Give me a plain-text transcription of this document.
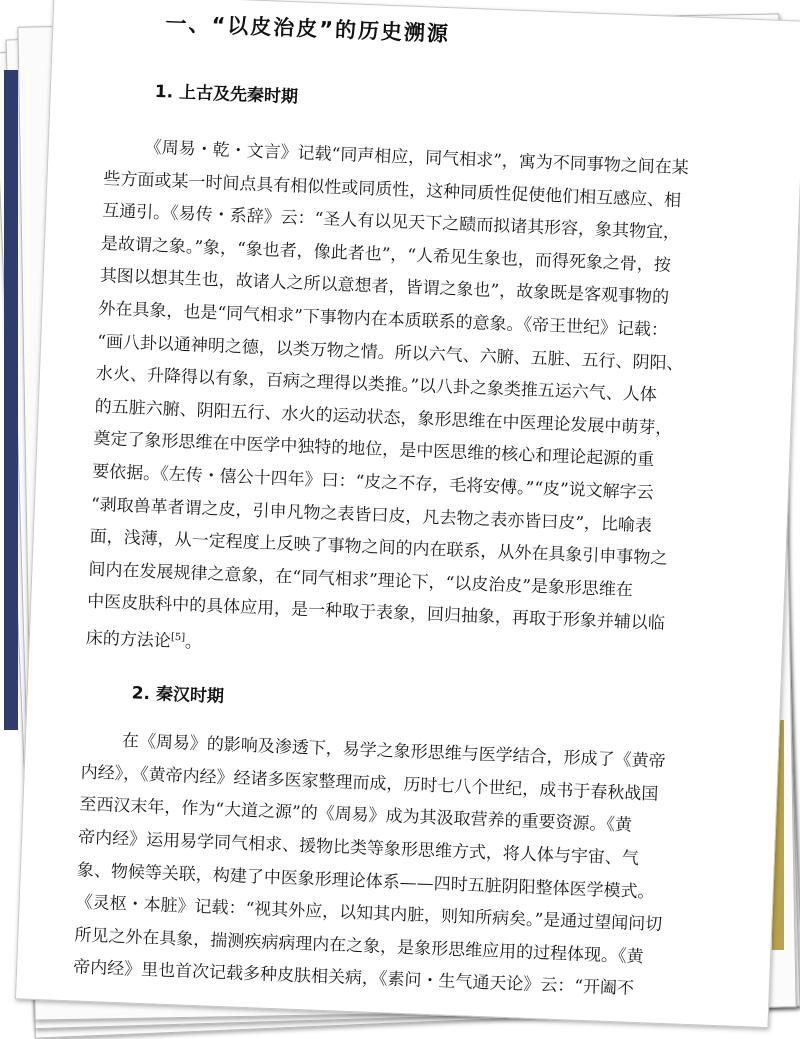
一、“以皮治皮”的历史溯源
1. 上古及先秦时期

《周易・乾・文言》记载“同声相应，同气相求”，寓为不同事物之间在某
些方面或某一时间点具有相似性或同质性，这种同质性促使他们相互感应、相
互通引。《易传・系辞》云：“圣人有以见天下之赜而拟诸其形容，象其物宜，
是故谓之象。”象，“象也者，像此者也”，“人希见生象也，而得死象之骨，按
其图以想其生也，故诸人之所以意想者，皆谓之象也”，故象既是客观事物的
外在具象，也是“同气相求”下事物内在本质联系的意象。《帝王世纪》记载：
“画八卦以通神明之德，以类万物之情。所以六气、六腑、五脏、五行、阴阳、
水火、升降得以有象，百病之理得以类推。”以八卦之象类推五运六气、人体
的五脏六腑、阴阳五行、水火的运动状态，象形思维在中医理论发展中萌芽，
奠定了象形思维在中医学中独特的地位，是中医思维的核心和理论起源的重
要依据。《左传・僖公十四年》曰：“皮之不存，毛将安傅。”“皮”说文解字云
“剥取兽革者谓之皮，引申凡物之表皆曰皮，凡去物之表亦皆曰皮”，比喻表
面，浅薄，从一定程度上反映了事物之间的内在联系，从外在具象引申事物之
间内在发展规律之意象，在“同气相求”理论下，“以皮治皮”是象形思维在
中医皮肤科中的具体应用，是一种取于表象，回归抽象，再取于形象并辅以临
床的方法论[5]。

2. 秦汉时期

在《周易》的影响及渗透下，易学之象形思维与医学结合，形成了《黄帝
内经》，《黄帝内经》经诸多医家整理而成，历时七八个世纪，成书于春秋战国
至西汉末年，作为“大道之源”的《周易》成为其汲取营养的重要资源。《黄
帝内经》运用易学同气相求、援物比类等象形思维方式，将人体与宇宙、气
象、物候等关联，构建了中医象形理论体系——四时五脏阴阳整体医学模式。
《灵枢・本脏》记载：“视其外应，以知其内脏，则知所病矣。”是通过望闻问切
所见之外在具象，揣测疾病病理内在之象，是象形思维应用的过程体现。《黄
帝内经》里也首次记载多种皮肤相关病，《素问・生气通天论》云：“开阖不
